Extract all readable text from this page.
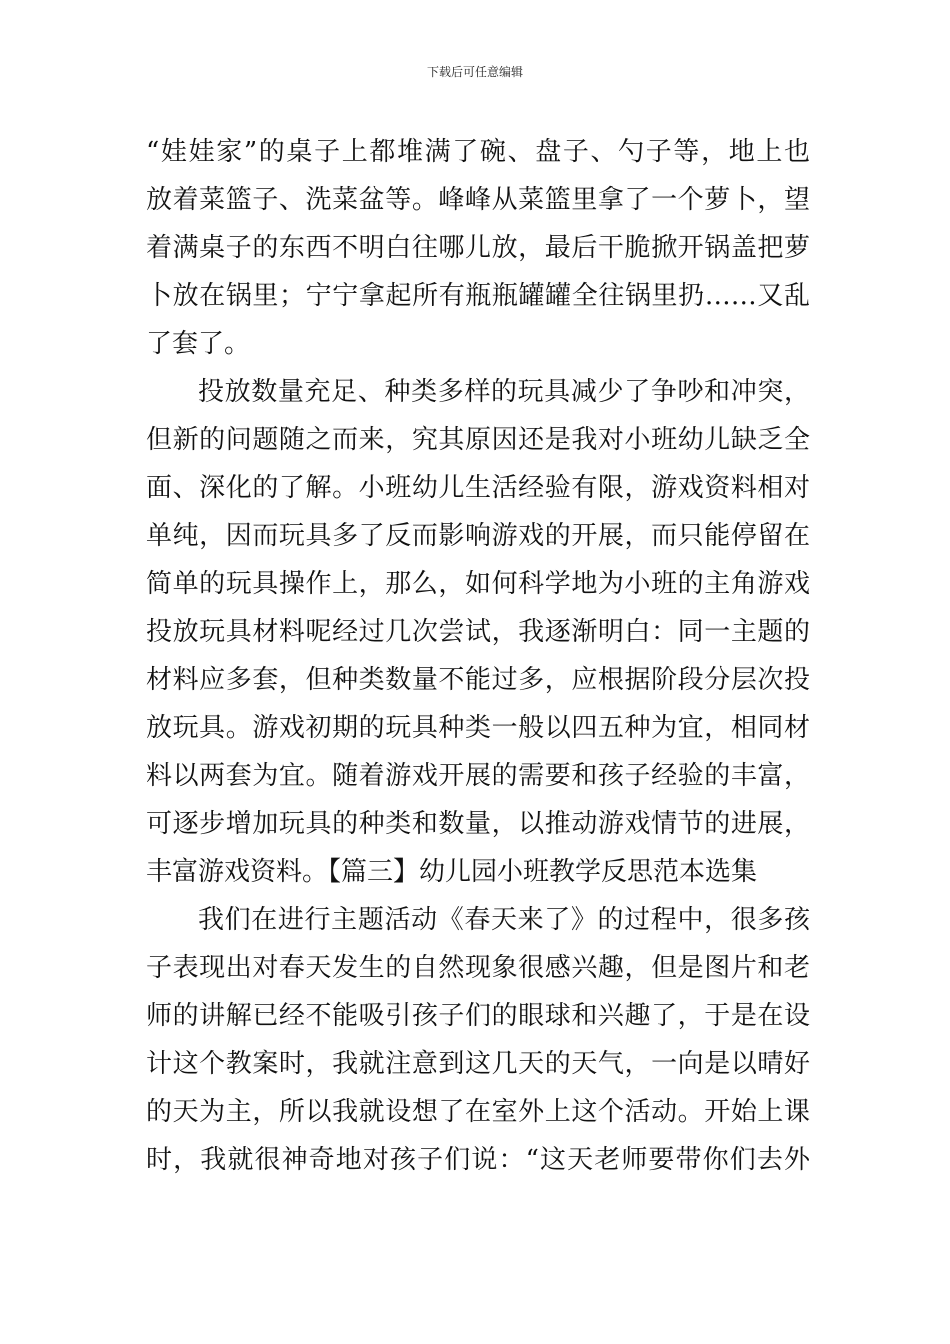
下载后可任意编辑
“娃娃家”的桌子上都堆满了碗、盘子、勺子等，地上也
放着菜篮子、洗菜盆等。峰峰从菜篮里拿了一个萝卜，望
着满桌子的东西不明白往哪儿放，最后干脆掀开锅盖把萝
卜放在锅里；宁宁拿起所有瓶瓶罐罐全往锅里扔……又乱
了套了。
投放数量充足、种类多样的玩具减少了争吵和冲突，
但新的问题随之而来，究其原因还是我对小班幼儿缺乏全
面、深化的了解。小班幼儿生活经验有限，游戏资料相对
单纯，因而玩具多了反而影响游戏的开展，而只能停留在
简单的玩具操作上，那么，如何科学地为小班的主角游戏
投放玩具材料呢经过几次尝试，我逐渐明白：同一主题的
材料应多套，但种类数量不能过多，应根据阶段分层次投
放玩具。游戏初期的玩具种类一般以四五种为宜，相同材
料以两套为宜。随着游戏开展的需要和孩子经验的丰富，
可逐步增加玩具的种类和数量，以推动游戏情节的进展，
丰富游戏资料。【篇三】幼儿园小班教学反思范本选集
我们在进行主题活动《春天来了》的过程中，很多孩
子表现出对春天发生的自然现象很感兴趣，但是图片和老
师的讲解已经不能吸引孩子们的眼球和兴趣了，于是在设
计这个教案时，我就注意到这几天的天气，一向是以晴好
的天为主，所以我就设想了在室外上这个活动。开始上课
时，我就很神奇地对孩子们说：“这天老师要带你们去外
